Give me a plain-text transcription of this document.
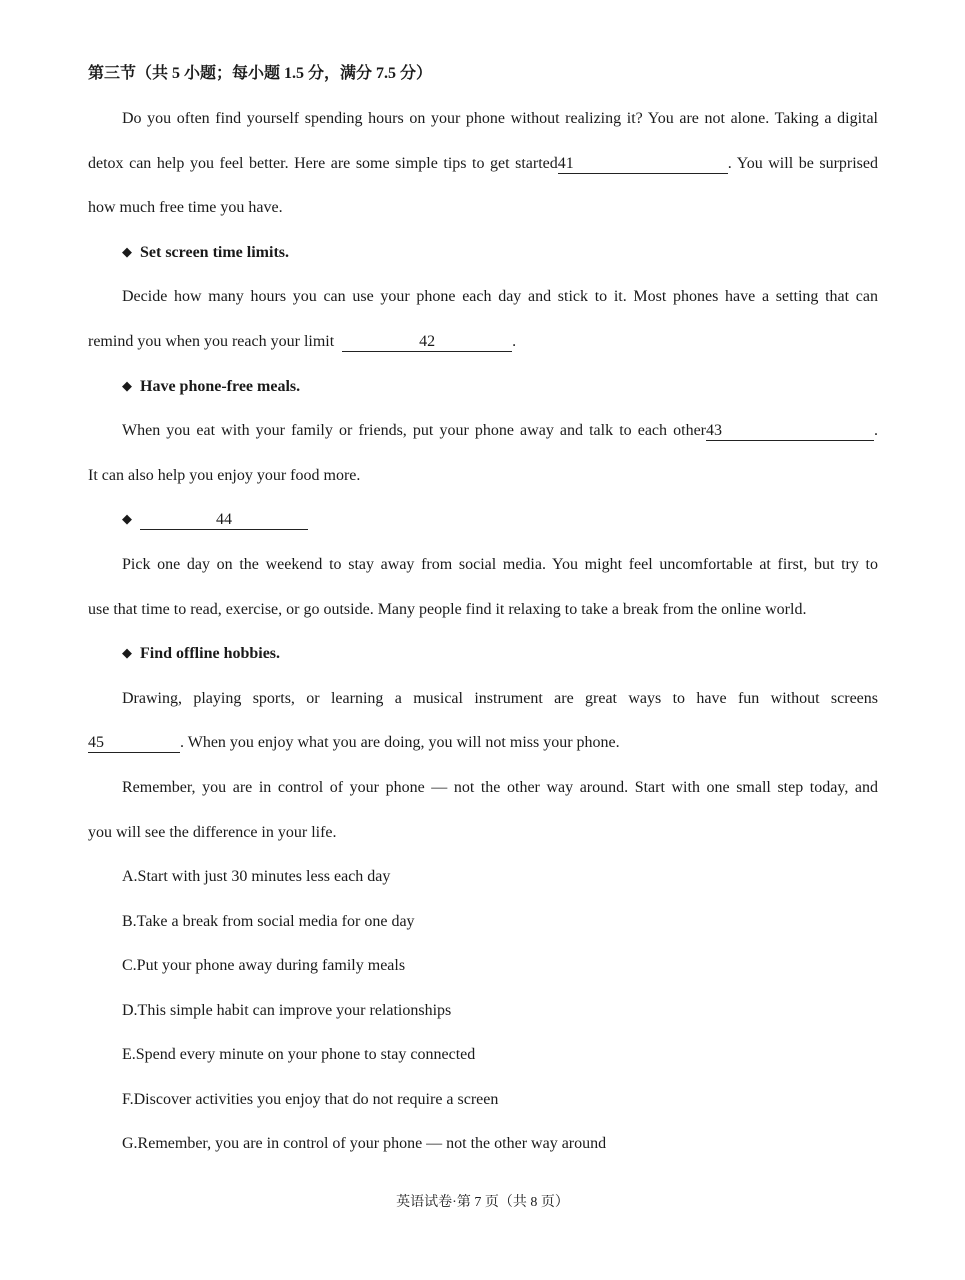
第三节（共 5 小题；每小题 1.5 分，满分 7.5 分）
Do you often find yourself spending hours on your phone without realizing it? You are not alone. Taking a digital
detox can help you feel better. Here are some simple tips to get started41	. You will be surprised
how much free time you have.
◆ Set screen time limits.
Decide how many hours you can use your phone each day and stick to it. Most phones have a setting that can
remind you when you reach your limit	42	.
◆ Have phone-free meals.
When you eat with your family or friends, put your phone away and talk to each other43	.
It can also help you enjoy your food more.
◆	44
Pick one day on the weekend to stay away from social media. You might feel uncomfortable at first, but try to
use that time to read, exercise, or go outside. Many people find it relaxing to take a break from the online world.
◆ Find offline hobbies.
Drawing, playing sports, or learning a musical instrument are great ways to have fun without screens
45	. When you enjoy what you are doing, you will not miss your phone.
Remember, you are in control of your phone — not the other way around. Start with one small step today, and
you will see the difference in your life.
A.Start with just 30 minutes less each day
B.Take a break from social media for one day
C.Put your phone away during family meals
D.This simple habit can improve your relationships
E.Spend every minute on your phone to stay connected
F.Discover activities you enjoy that do not require a screen
G.Remember, you are in control of your phone — not the other way around
英语试卷·第 7 页（共 8 页）
